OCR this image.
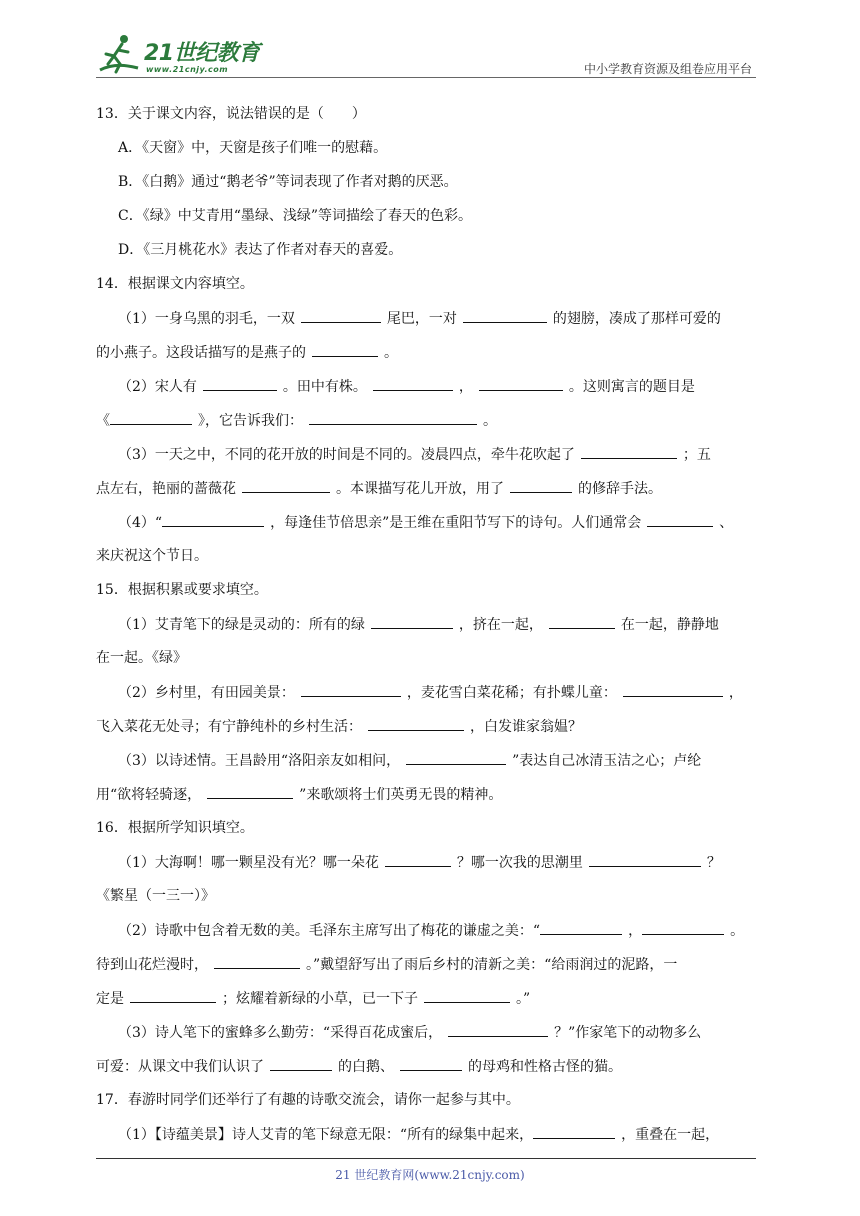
21世纪教育
www.21cnjy.com	中小学教育资源及组卷应用平台
13．关于课文内容，说法错误的是（　　）
A．《天窗》中，天窗是孩子们唯一的慰藉。
B．《白鹅》通过“鹅老爷”等词表现了作者对鹅的厌恶。
C．《绿》中艾青用“墨绿、浅绿”等词描绘了春天的色彩。
D．《三月桃花水》表达了作者对春天的喜爱。
14．根据课文内容填空。
（1）一身乌黑的羽毛，一双	尾巴，一对	的翅膀，凑成了那样可爱的
的小燕子。这段话描写的是燕子的	。
（2）宋人有	。田中有株。	，	。这则寓言的题目是
《	》，它告诉我们：	。
（3）一天之中，不同的花开放的时间是不同的。凌晨四点，牵牛花吹起了	；五
点左右，艳丽的蔷薇花	。本课描写花儿开放，用了	的修辞手法。
（4）“	，每逢佳节倍思亲”是王维在重阳节写下的诗句。人们通常会	、
来庆祝这个节日。
15．根据积累或要求填空。
（1）艾青笔下的绿是灵动的：所有的绿	，挤在一起，	在一起，静静地
在一起。《绿》
（2）乡村里，有田园美景：	，麦花雪白菜花稀；有扑蝶儿童：	，
飞入菜花无处寻；有宁静纯朴的乡村生活：	，白发谁家翁媪？
（3）以诗述情。王昌龄用“洛阳亲友如相问，	”表达自己冰清玉洁之心；卢纶
用“欲将轻骑逐，	”来歌颂将士们英勇无畏的精神。
16．根据所学知识填空。
（1）大海啊！哪一颗星没有光？哪一朵花	？哪一次我的思潮里	？
《繁星（一三一）》
（2）诗歌中包含着无数的美。毛泽东主席写出了梅花的谦虚之美：“	，	。
待到山花烂漫时，	。”戴望舒写出了雨后乡村的清新之美：“给雨润过的泥路，一
定是	；炫耀着新绿的小草，已一下子	。”
（3）诗人笔下的蜜蜂多么勤劳：“采得百花成蜜后，	？”作家笔下的动物多么
可爱：从课文中我们认识了	的白鹅、	的母鸡和性格古怪的猫。
17．春游时同学们还举行了有趣的诗歌交流会，请你一起参与其中。
（1）【诗蕴美景】诗人艾青的笔下绿意无限：“所有的绿集中起来，	，重叠在一起，
21 世纪教育网(www.21cnjy.com)
